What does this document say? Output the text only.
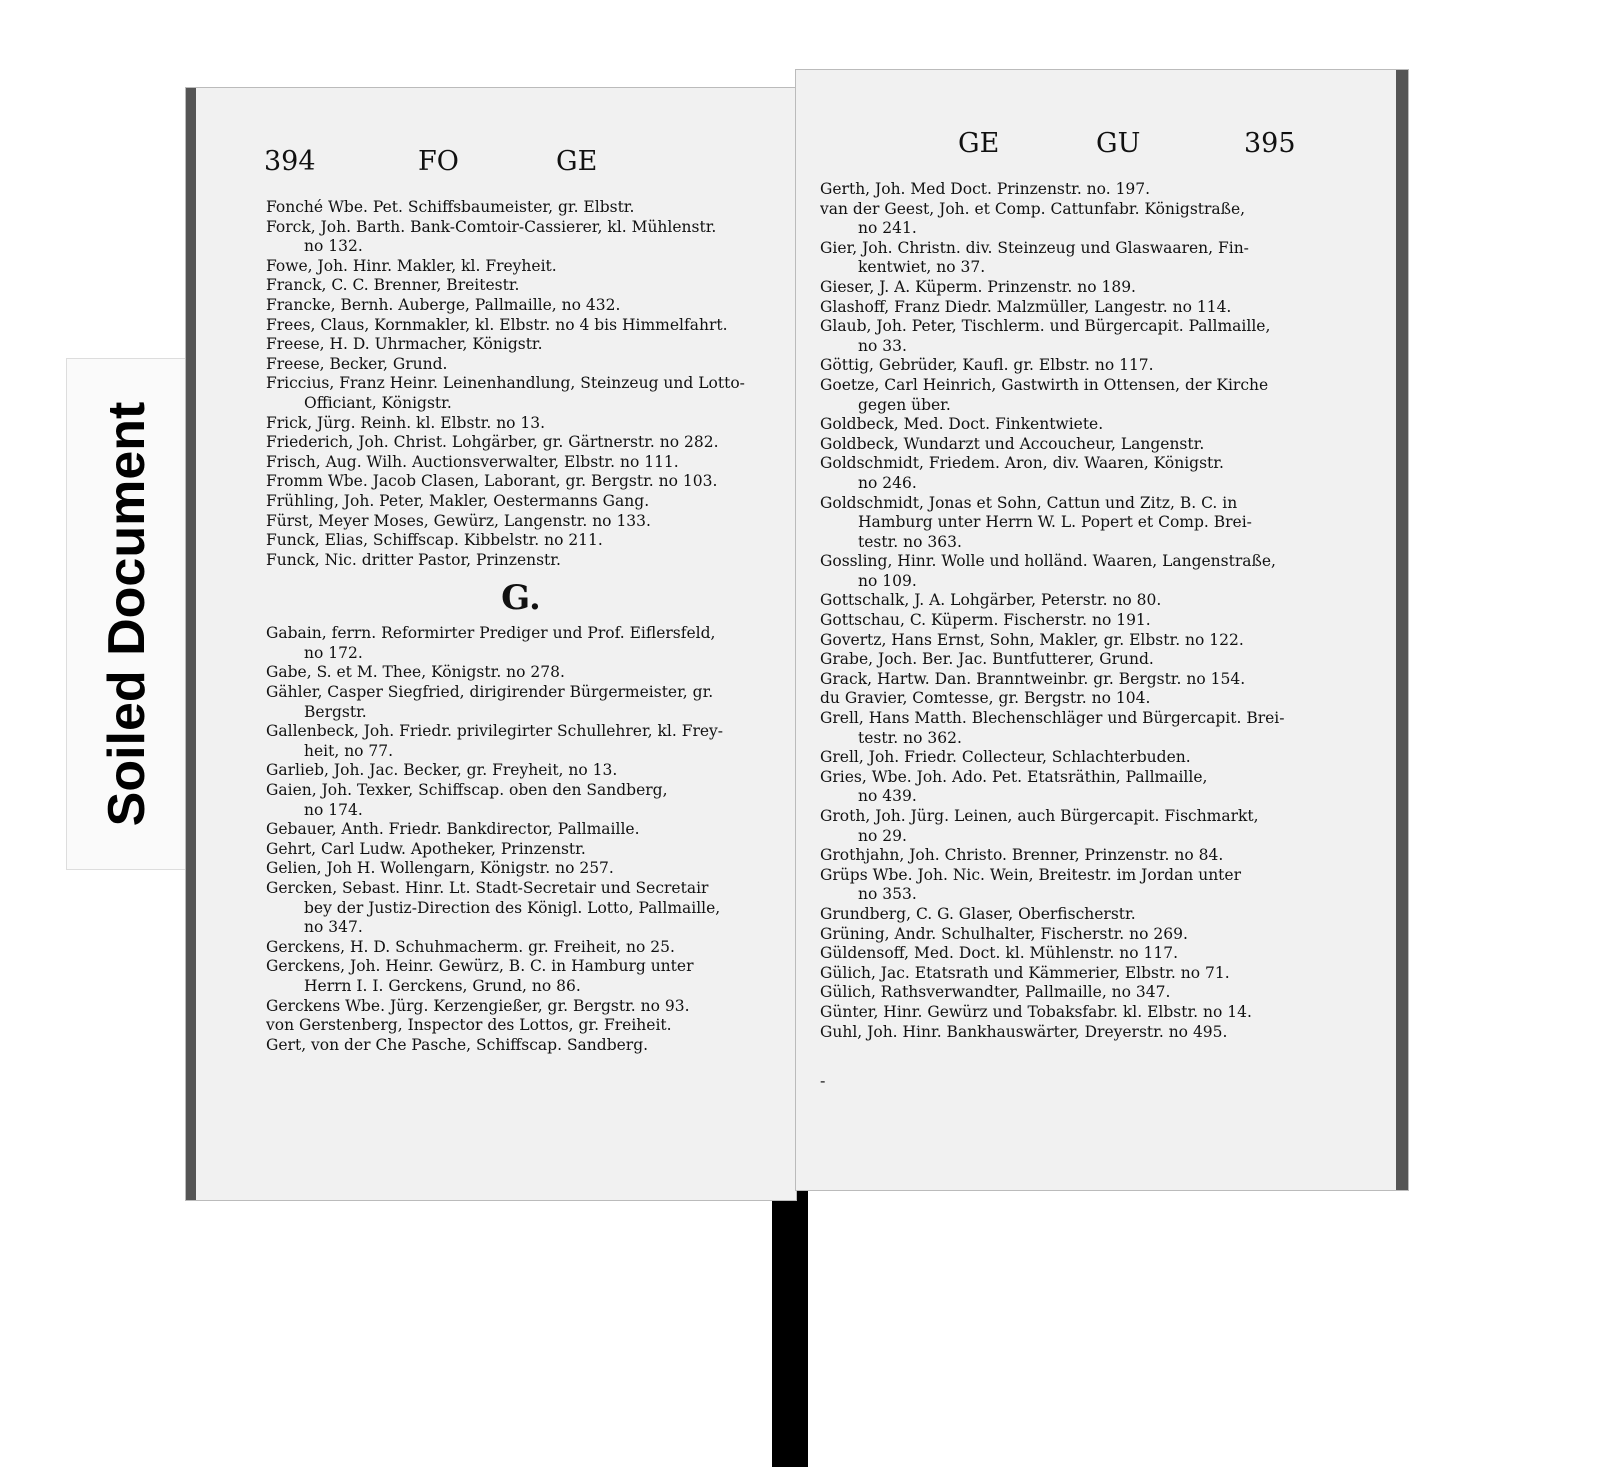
Soiled Document
394	FO	GE
Fonché Wbe. Pet. Schiffsbaumeister, gr. Elbstr.
Forck, Joh. Barth. Bank-Comtoir-Cassierer, kl. Mühlenstr.
no 132.
Fowe, Joh. Hinr. Makler, kl. Freyheit.
Franck, C. C. Brenner, Breitestr.
Francke, Bernh. Auberge, Pallmaille, no 432.
Frees, Claus, Kornmakler, kl. Elbstr. no 4 bis Himmelfahrt.
Freese, H. D. Uhrmacher, Königstr.
Freese, Becker, Grund.
Friccius, Franz Heinr. Leinenhandlung, Steinzeug und Lotto-
Officiant, Königstr.
Frick, Jürg. Reinh. kl. Elbstr. no 13.
Friederich, Joh. Christ. Lohgärber, gr. Gärtnerstr. no 282.
Frisch, Aug. Wilh. Auctionsverwalter, Elbstr. no 111.
Fromm Wbe. Jacob Clasen, Laborant, gr. Bergstr. no 103.
Frühling, Joh. Peter, Makler, Oestermanns Gang.
Fürst, Meyer Moses, Gewürz, Langenstr. no 133.
Funck, Elias, Schiffscap. Kibbelstr. no 211.
Funck, Nic. dritter Pastor, Prinzenstr.
G.
Gabain, ferrn. Reformirter Prediger und Prof. Eiflersfeld,
no 172.
Gabe, S. et M. Thee, Königstr. no 278.
Gähler, Casper Siegfried, dirigirender Bürgermeister, gr.
Bergstr.
Gallenbeck, Joh. Friedr. privilegirter Schullehrer, kl. Frey-
heit, no 77.
Garlieb, Joh. Jac. Becker, gr. Freyheit, no 13.
Gaien, Joh. Texker, Schiffscap. oben den Sandberg,
no 174.
Gebauer, Anth. Friedr. Bankdirector, Pallmaille.
Gehrt, Carl Ludw. Apotheker, Prinzenstr.
Gelien, Joh H. Wollengarn, Königstr. no 257.
Gercken, Sebast. Hinr. Lt. Stadt-Secretair und Secretair
bey der Justiz-Direction des Königl. Lotto, Pallmaille,
no 347.
Gerckens, H. D. Schuhmacherm. gr. Freiheit, no 25.
Gerckens, Joh. Heinr. Gewürz, B. C. in Hamburg unter
Herrn I. I. Gerckens, Grund, no 86.
Gerckens Wbe. Jürg. Kerzengießer, gr. Bergstr. no 93.
von Gerstenberg, Inspector des Lottos, gr. Freiheit.
Gert, von der Che Pasche, Schiffscap. Sandberg.
GE	GU	395
Gerth, Joh. Med Doct. Prinzenstr. no. 197.
van der Geest, Joh. et Comp. Cattunfabr. Königstraße,
no 241.
Gier, Joh. Christn. div. Steinzeug und Glaswaaren, Fin-
kentwiet, no 37.
Gieser, J. A. Küperm. Prinzenstr. no 189.
Glashoff, Franz Diedr. Malzmüller, Langestr. no 114.
Glaub, Joh. Peter, Tischlerm. und Bürgercapit. Pallmaille,
no 33.
Göttig, Gebrüder, Kaufl. gr. Elbstr. no 117.
Goetze, Carl Heinrich, Gastwirth in Ottensen, der Kirche
gegen über.
Goldbeck, Med. Doct. Finkentwiete.
Goldbeck, Wundarzt und Accoucheur, Langenstr.
Goldschmidt, Friedem. Aron, div. Waaren, Königstr.
no 246.
Goldschmidt, Jonas et Sohn, Cattun und Zitz, B. C. in
Hamburg unter Herrn W. L. Popert et Comp. Brei-
testr. no 363.
Gossling, Hinr. Wolle und holländ. Waaren, Langenstraße,
no 109.
Gottschalk, J. A. Lohgärber, Peterstr. no 80.
Gottschau, C. Küperm. Fischerstr. no 191.
Govertz, Hans Ernst, Sohn, Makler, gr. Elbstr. no 122.
Grabe, Joch. Ber. Jac. Buntfutterer, Grund.
Grack, Hartw. Dan. Branntweinbr. gr. Bergstr. no 154.
du Gravier, Comtesse, gr. Bergstr. no 104.
Grell, Hans Matth. Blechenschläger und Bürgercapit. Brei-
testr. no 362.
Grell, Joh. Friedr. Collecteur, Schlachterbuden.
Gries, Wbe. Joh. Ado. Pet. Etatsräthin, Pallmaille,
no 439.
Groth, Joh. Jürg. Leinen, auch Bürgercapit. Fischmarkt,
no 29.
Grothjahn, Joh. Christo. Brenner, Prinzenstr. no 84.
Grüps Wbe. Joh. Nic. Wein, Breitestr. im Jordan unter
no 353.
Grundberg, C. G. Glaser, Oberfischerstr.
Grüning, Andr. Schulhalter, Fischerstr. no 269.
Güldensoff, Med. Doct. kl. Mühlenstr. no 117.
Gülich, Jac. Etatsrath und Kämmerier, Elbstr. no 71.
Gülich, Rathsverwandter, Pallmaille, no 347.
Günter, Hinr. Gewürz und Tobaksfabr. kl. Elbstr. no 14.
Guhl, Joh. Hinr. Bankhauswärter, Dreyerstr. no 495.
-
